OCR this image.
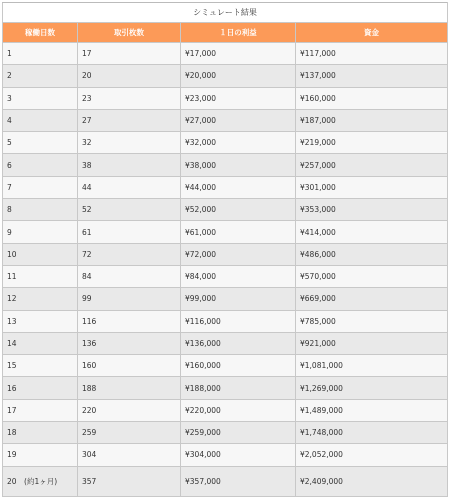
シミュレート結果			
稼働日数	取引枚数	１日の利益	資金
1	17	¥17,000	¥117,000
2	20	¥20,000	¥137,000
3	23	¥23,000	¥160,000
4	27	¥27,000	¥187,000
5	32	¥32,000	¥219,000
6	38	¥38,000	¥257,000
7	44	¥44,000	¥301,000
8	52	¥52,000	¥353,000
9	61	¥61,000	¥414,000
10	72	¥72,000	¥486,000
11	84	¥84,000	¥570,000
12	99	¥99,000	¥669,000
13	116	¥116,000	¥785,000
14	136	¥136,000	¥921,000
15	160	¥160,000	¥1,081,000
16	188	¥188,000	¥1,269,000
17	220	¥220,000	¥1,489,000
18	259	¥259,000	¥1,748,000
19	304	¥304,000	¥2,052,000
20　(約1ヶ月)	357	¥357,000	¥2,409,000
